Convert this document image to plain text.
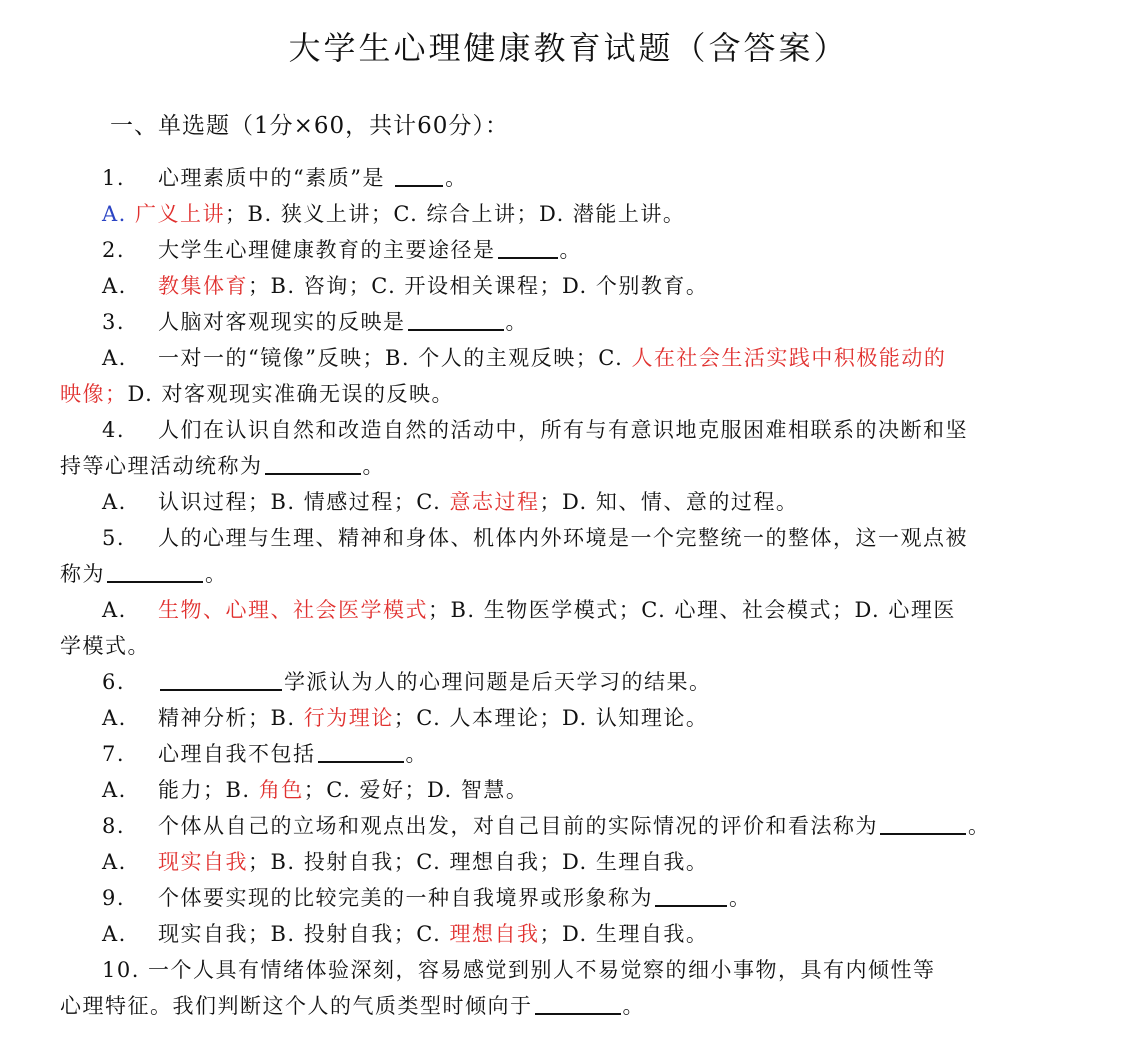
大学生心理健康教育试题（含答案）
一、单选题（1分×60，共计60分）：
1. 心理素质中的“素质”是	。
A. 广义上讲；B. 狭义上讲；C. 综合上讲；D. 潜能上讲。
2. 大学生心理健康教育的主要途径是	。
A. 教集体育；B. 咨询；C. 开设相关课程；D. 个别教育。
3. 人脑对客观现实的反映是	。
A. 一对一的“镜像”反映；B. 个人的主观反映；C. 人在社会生活实践中积极能动的
映像；D. 对客观现实准确无误的反映。
4. 人们在认识自然和改造自然的活动中，所有与有意识地克服困难相联系的决断和坚
持等心理活动统称为	。
A. 认识过程；B. 情感过程；C. 意志过程；D. 知、情、意的过程。
5. 人的心理与生理、精神和身体、机体内外环境是一个完整统一的整体，这一观点被
称为	。
A. 生物、心理、社会医学模式；B. 生物医学模式；C. 心理、社会模式；D. 心理医
学模式。
6.	学派认为人的心理问题是后天学习的结果。
A. 精神分析；B. 行为理论；C. 人本理论；D. 认知理论。
7. 心理自我不包括	。
A. 能力；B. 角色；C. 爱好；D. 智慧。
8. 个体从自己的立场和观点出发，对自己目前的实际情况的评价和看法称为	。
A. 现实自我；B. 投射自我；C. 理想自我；D. 生理自我。
9. 个体要实现的比较完美的一种自我境界或形象称为	。
A. 现实自我；B. 投射自我；C. 理想自我；D. 生理自我。
10. 一个人具有情绪体验深刻，容易感觉到别人不易觉察的细小事物，具有内倾性等
心理特征。我们判断这个人的气质类型时倾向于	。
